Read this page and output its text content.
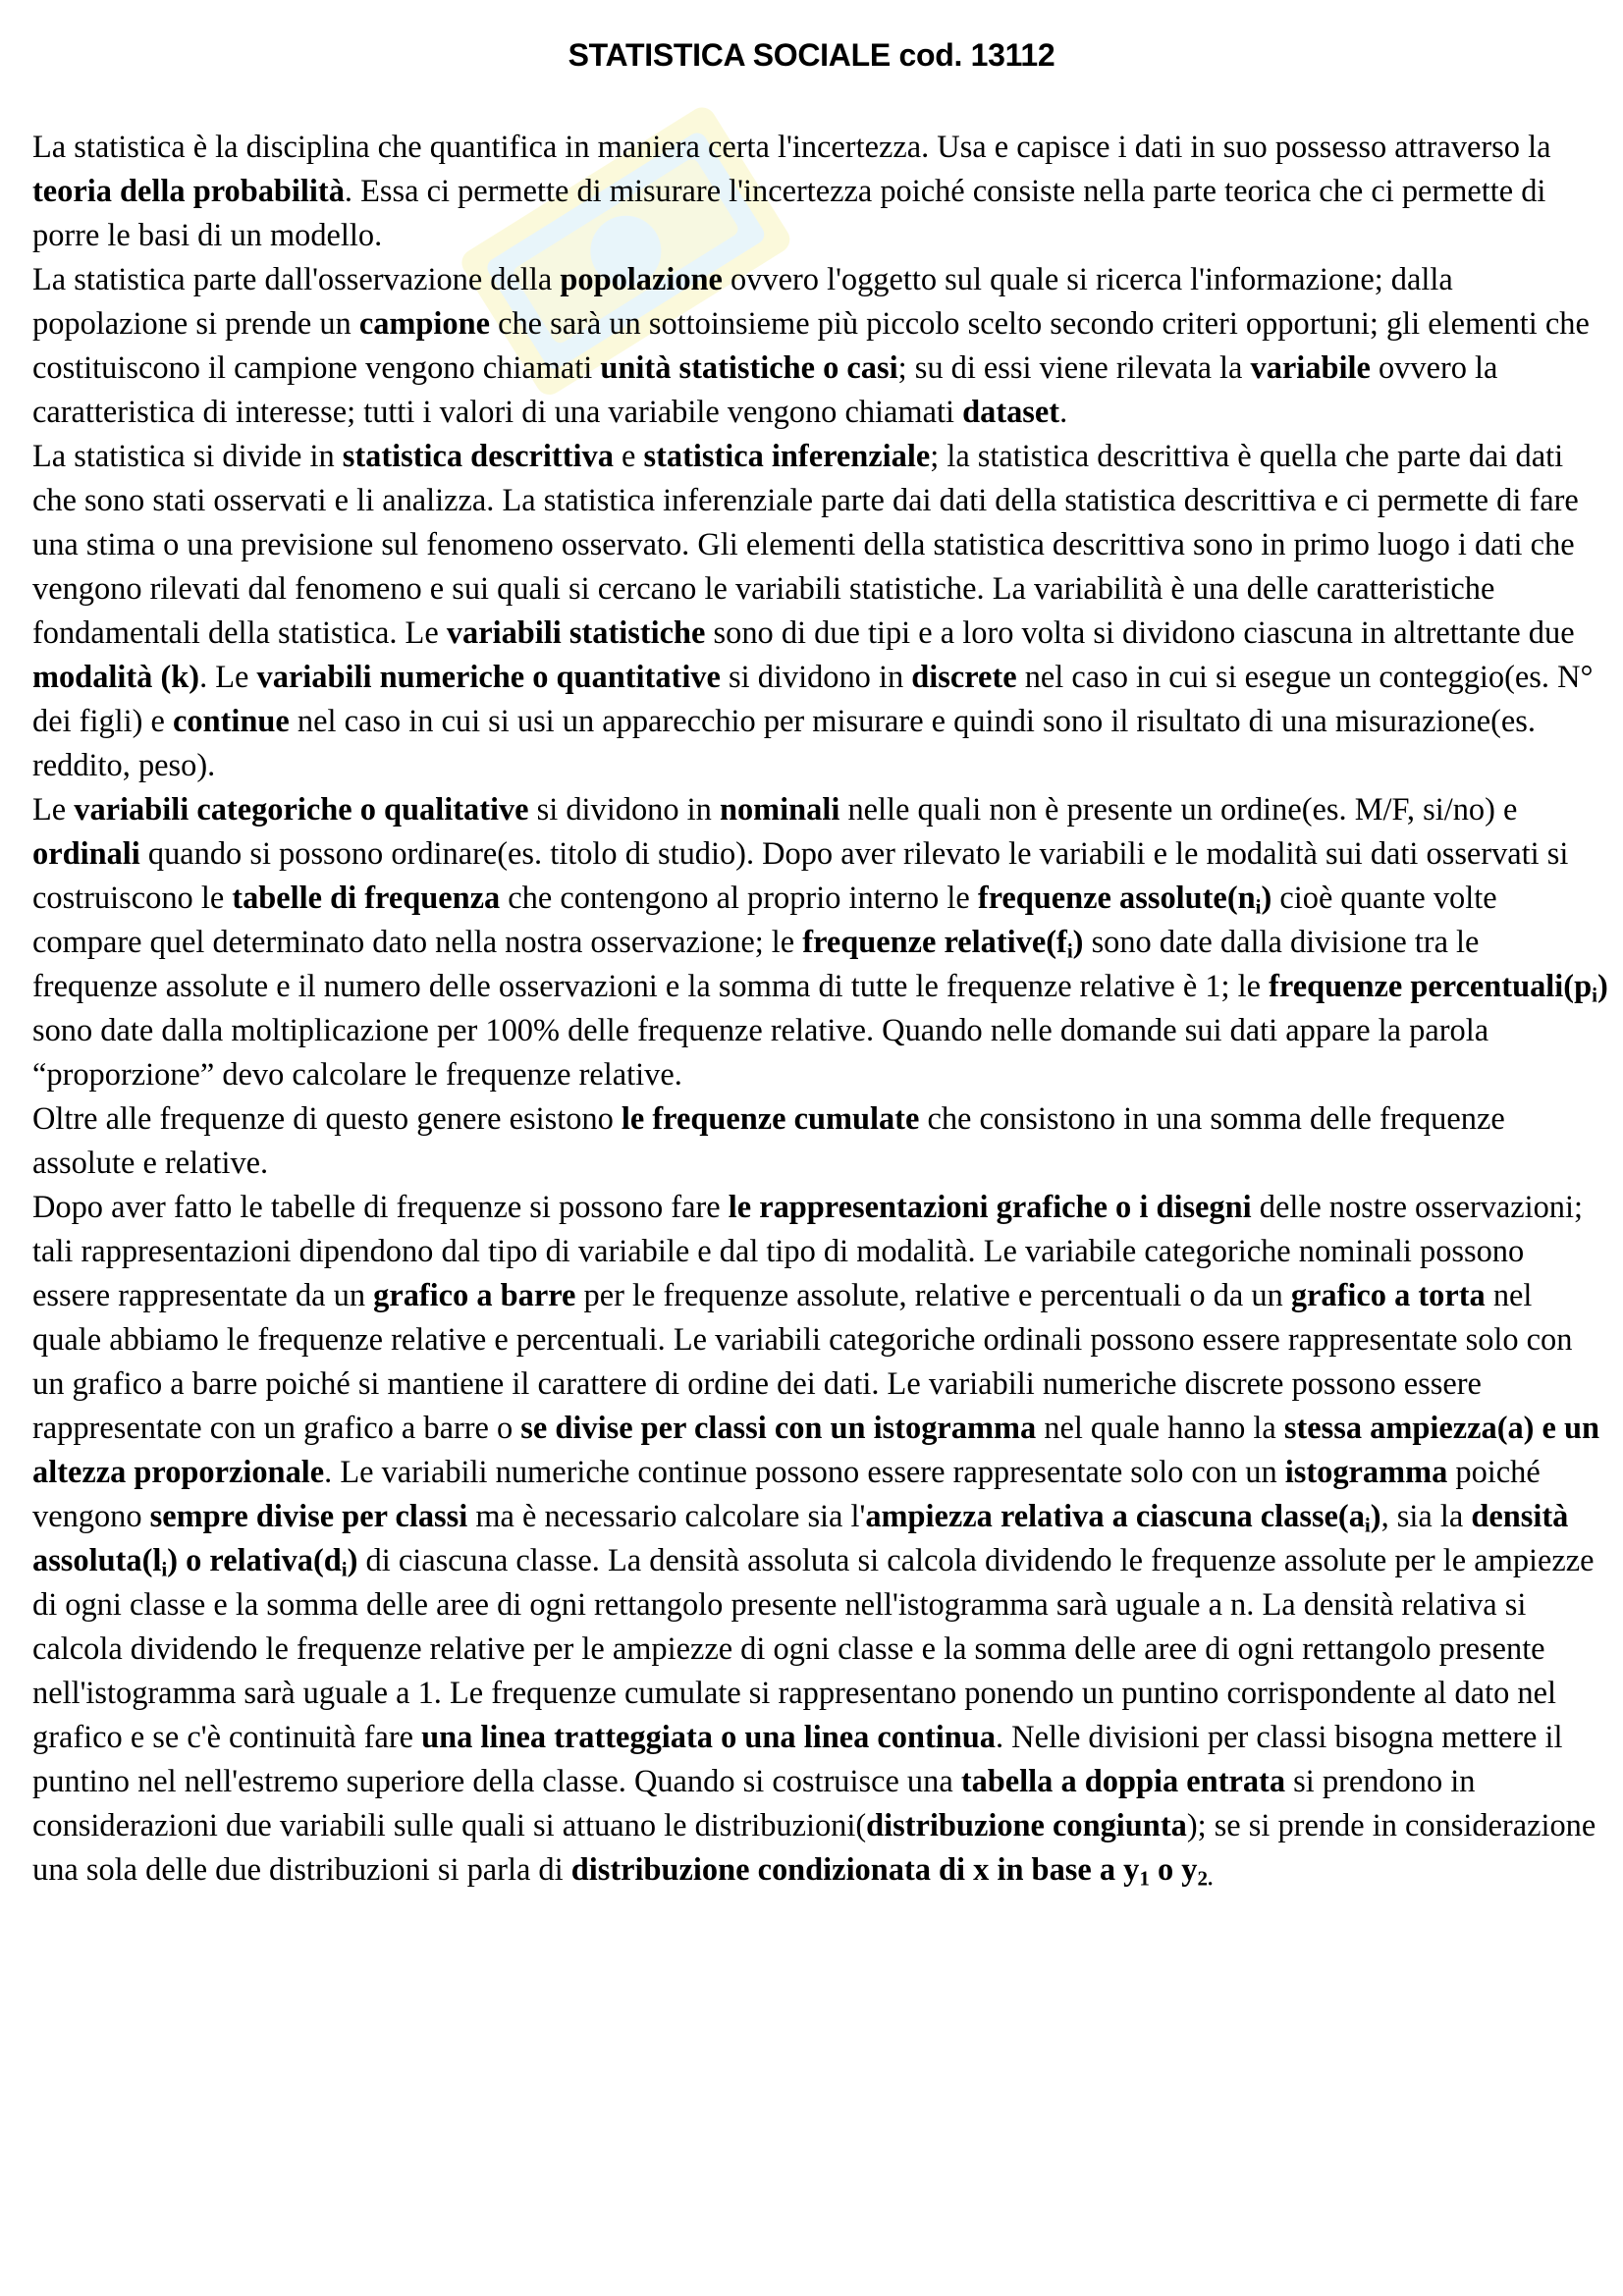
STATISTICA SOCIALE cod. 13112

La statistica è la disciplina che quantifica in maniera certa l'incertezza. Usa e capisce i dati in suo possesso attraverso la teoria della probabilità. Essa ci permette di misurare l'incertezza poiché consiste nella parte teorica che ci permette di porre le basi di un modello.

La statistica parte dall'osservazione della popolazione ovvero l'oggetto sul quale si ricerca l'informazione; dalla popolazione si prende un campione che sarà un sottoinsieme più piccolo scelto secondo criteri opportuni; gli elementi che costituiscono il campione vengono chiamati unità statistiche o casi; su di essi viene rilevata la variabile ovvero la caratteristica di interesse; tutti i valori di una variabile vengono chiamati dataset.

La statistica si divide in statistica descrittiva e statistica inferenziale; la statistica descrittiva è quella che parte dai dati che sono stati osservati e li analizza. La statistica inferenziale parte dai dati della statistica descrittiva e ci permette di fare una stima o una previsione sul fenomeno osservato. Gli elementi della statistica descrittiva sono in primo luogo i dati che vengono rilevati dal fenomeno e sui quali si cercano le variabili statistiche. La variabilità è una delle caratteristiche fondamentali della statistica. Le variabili statistiche sono di due tipi e a loro volta si dividono ciascuna in altrettante due modalità (k). Le variabili numeriche o quantitative si dividono in discrete nel caso in cui si esegue un conteggio(es. N° dei figli) e continue nel caso in cui si usi un apparecchio per misurare e quindi sono il risultato di una misurazione(es. reddito, peso).

Le variabili categoriche o qualitative si dividono in nominali nelle quali non è presente un ordine(es. M/F, si/no) e ordinali quando si possono ordinare(es. titolo di studio). Dopo aver rilevato le variabili e le modalità sui dati osservati si costruiscono le tabelle di frequenza che contengono al proprio interno le frequenze $assolute(n_i)$ cioè quante volte compare quel determinato dato nella nostra osservazione; le frequenze $relative(f_i)$ sono date dalla divisione tra le frequenze assolute e il numero delle osservazioni e la somma di tutte le frequenze relative è 1; le frequenze $percentuali(p_i)$ sono date dalla moltiplicazione per 100% delle frequenze relative. Quando nelle domande sui dati appare la parola “proporzione” devo calcolare le frequenze relative.

Oltre alle frequenze di questo genere esistono le frequenze cumulate che consistono in una somma delle frequenze assolute e relative.

Dopo aver fatto le tabelle di frequenze si possono fare le rappresentazioni grafiche o i disegni delle nostre osservazioni; tali rappresentazioni dipendono dal tipo di variabile e dal tipo di modalità. Le variabile categoriche nominali possono essere rappresentate da un grafico a barre per le frequenze assolute, relative e percentuali o da un grafico a torta nel quale abbiamo le frequenze relative e percentuali. Le variabili categoriche ordinali possono essere rappresentate solo con un grafico a barre poiché si mantiene il carattere di ordine dei dati. Le variabili numeriche discrete possono essere rappresentate con un grafico a barre o se divise per classi con un istogramma nel quale hanno la stessa ampiezza(a) e un altezza proporzionale. Le variabili numeriche continue possono essere rappresentate solo con un istogramma poiché vengono sempre divise per classi ma è necessario calcolare sia l'ampiezza relativa a ciascuna $classe(a_i)$, sia la densità $assoluta(l_i)$ o $relativa(d_i)$ di ciascuna classe. La densità assoluta si calcola dividendo le frequenze assolute per le ampiezze di ogni classe e la somma delle aree di ogni rettangolo presente nell'istogramma sarà uguale a n. La densità relativa si calcola dividendo le frequenze relative per le ampiezze di ogni classe e la somma delle aree di ogni rettangolo presente nell'istogramma sarà uguale a 1. Le frequenze cumulate si rappresentano ponendo un puntino corrispondente al dato nel grafico e se c'è continuità fare una linea tratteggiata o una linea continua. Nelle divisioni per classi bisogna mettere il puntino nel nell'estremo superiore della classe. Quando si costruisce una tabella a doppia entrata si prendono in considerazioni due variabili sulle quali si attuano le distribuzioni(distribuzione congiunta); se si prende in considerazione una sola delle due distribuzioni si parla di distribuzione condizionata di x in base a $y_1$ o $y_{2.}$
